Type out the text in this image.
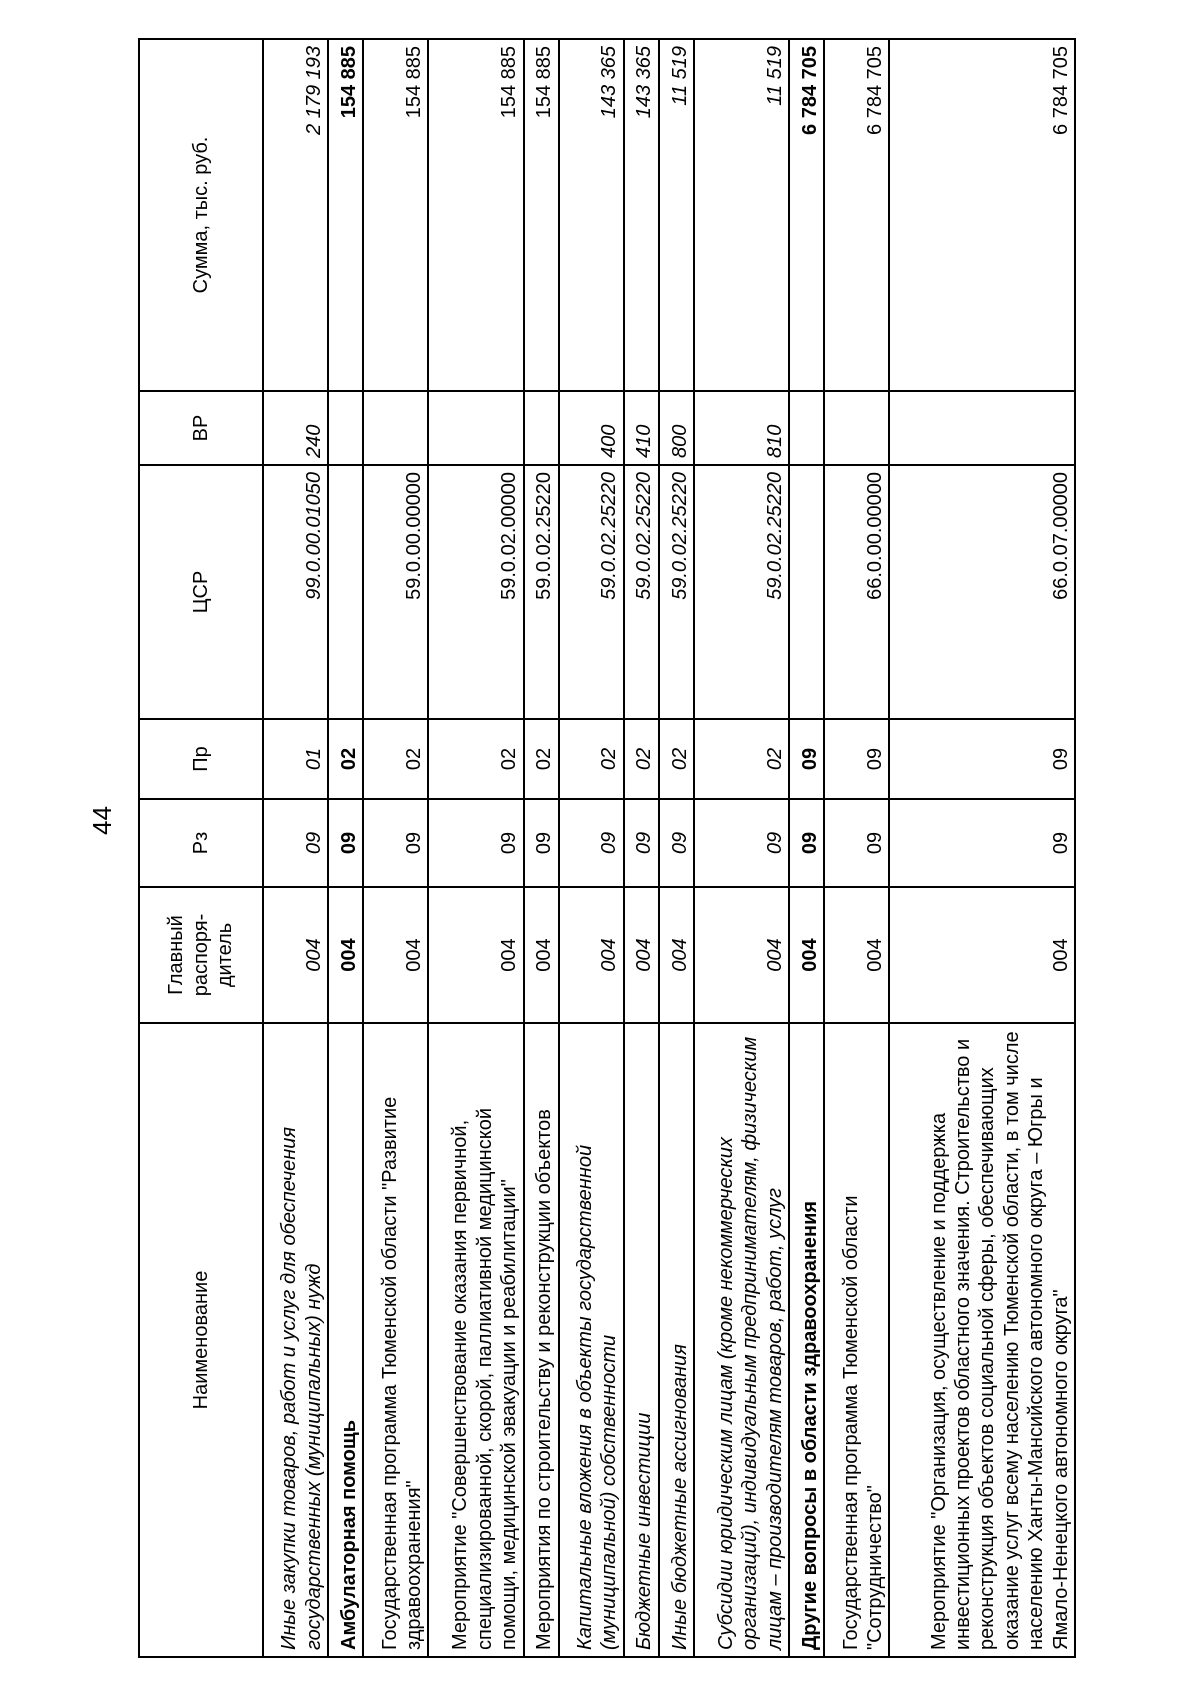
44
Наименование	Главный распоря-дитель	Рз	Пр	ЦСР	ВР	Сумма, тыс. руб.
Иные закупки товаров, работ и услуг для обеспечения государственных (муниципальных) нужд	004	09	01	99.0.00.01050	240	2 179 193
Амбулаторная помощь	004	09	02			154 885
Государственная программа Тюменской области "Развитие здравоохранения"	004	09	02	59.0.00.00000		154 885
Мероприятие "Совершенствование оказания первичной, специализированной, скорой, паллиативной медицинской помощи, медицинской эвакуации и реабилитации"	004	09	02	59.0.02.00000		154 885
Мероприятия по строительству и реконструкции объектов	004	09	02	59.0.02.25220		154 885
Капитальные вложения в объекты государственной (муниципальной) собственности	004	09	02	59.0.02.25220	400	143 365
Бюджетные инвестиции	004	09	02	59.0.02.25220	410	143 365
Иные бюджетные ассигнования	004	09	02	59.0.02.25220	800	11 519
Субсидии юридическим лицам (кроме некоммерческих организаций), индивидуальным предпринимателям, физическим лицам – производителям товаров, работ, услуг	004	09	02	59.0.02.25220	810	11 519
Другие вопросы в области здравоохранения	004	09	09			6 784 705
Государственная программа Тюменской области "Сотрудничество"	004	09	09	66.0.00.00000		6 784 705
Мероприятие "Организация, осуществление и поддержка инвестиционных проектов областного значения. Строительство и реконструкция объектов социальной сферы, обеспечивающих оказание услуг всему населению Тюменской области, в том числе населению Ханты-Мансийского автономного округа – Югры и Ямало-Ненецкого автономного округа"	004	09	09	66.0.07.00000		6 784 705
